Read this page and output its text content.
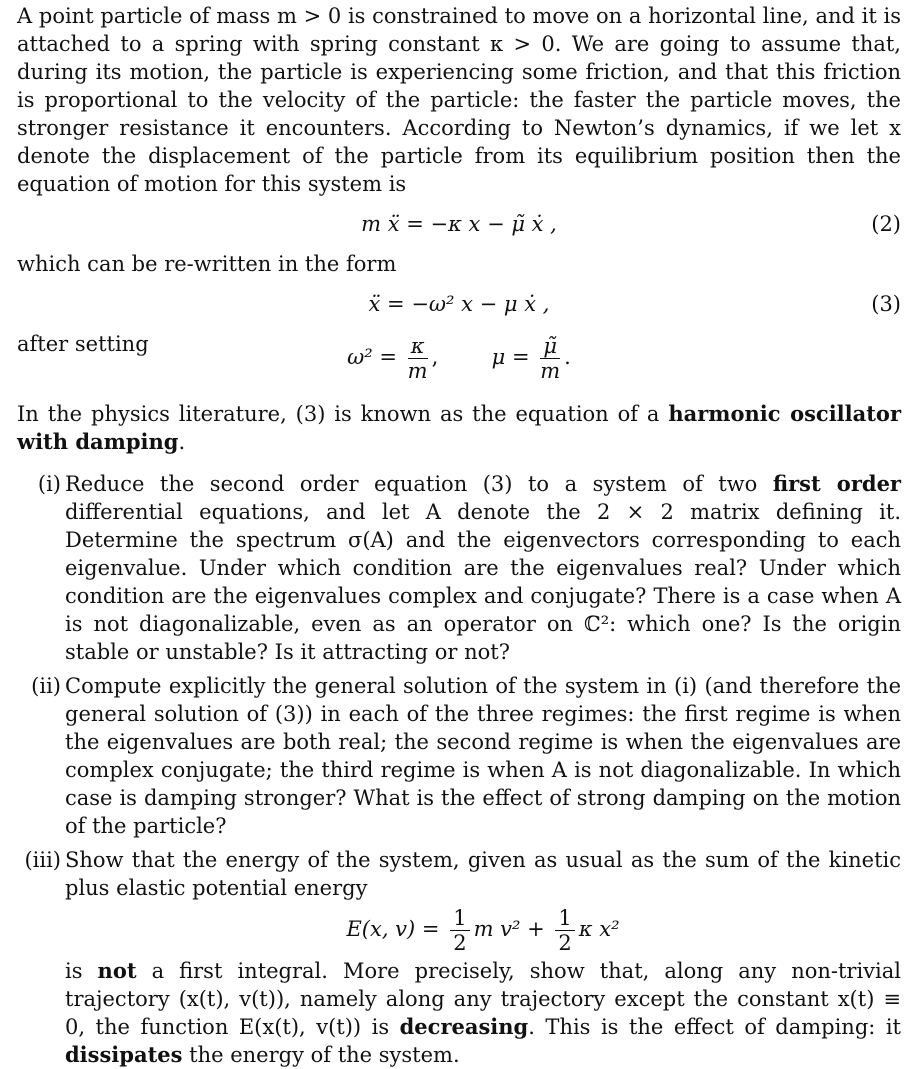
A point particle of mass m > 0 is constrained to move on a horizontal line, and it is attached to a spring with spring constant κ > 0. We are going to assume that, during its motion, the particle is experiencing some friction, and that this friction is proportional to the velocity of the particle: the faster the particle moves, the stronger resistance it encounters. According to Newton’s dynamics, if we let x denote the displacement of the particle from its equilibrium position then the equation of motion for this system is

m ẍ = −κ x − μ̃ ẋ ,	(2)

which can be re-written in the form

ẍ = −ω² x − μ ẋ ,	(3)
after setting
$\omega^2 = \frac{\kappa}{m}$ ,	$\mu = \frac{\mũ}{m}$ .

In the physics literature, (3) is known as the equation of a harmonic oscillator with damping.

(i) Reduce the second order equation (3) to a system of two first order differential equations, and let A denote the 2 × 2 matrix defining it. Determine the spectrum σ(A) and the eigenvectors corresponding to each eigenvalue. Under which condition are the eigenvalues real? Under which condition are the eigenvalues complex and conjugate? There is a case when A is not diagonalizable, even as an operator on ℂ²: which one? Is the origin stable or unstable? Is it attracting or not?
(ii) Compute explicitly the general solution of the system in (i) (and therefore the general solution of (3)) in each of the three regimes: the first regime is when the eigenvalues are both real; the second regime is when the eigenvalues are complex conjugate; the third regime is when A is not diagonalizable. In which case is damping stronger? What is the effect of strong damping on the motion of the particle?
(iii) Show that the energy of the system, given as usual as the sum of the kinetic plus elastic potential energy
E(x, $v) = \frac{1}{2}$ m $v^2 + \frac{1}{2}$ κ x²
is not a first integral. More precisely, show that, along any non-trivial trajectory (x(t), v(t)), namely along any trajectory except the constant x(t) ≡ 0, the function E(x(t), v(t)) is decreasing. This is the effect of damping: it dissipates the energy of the system.
